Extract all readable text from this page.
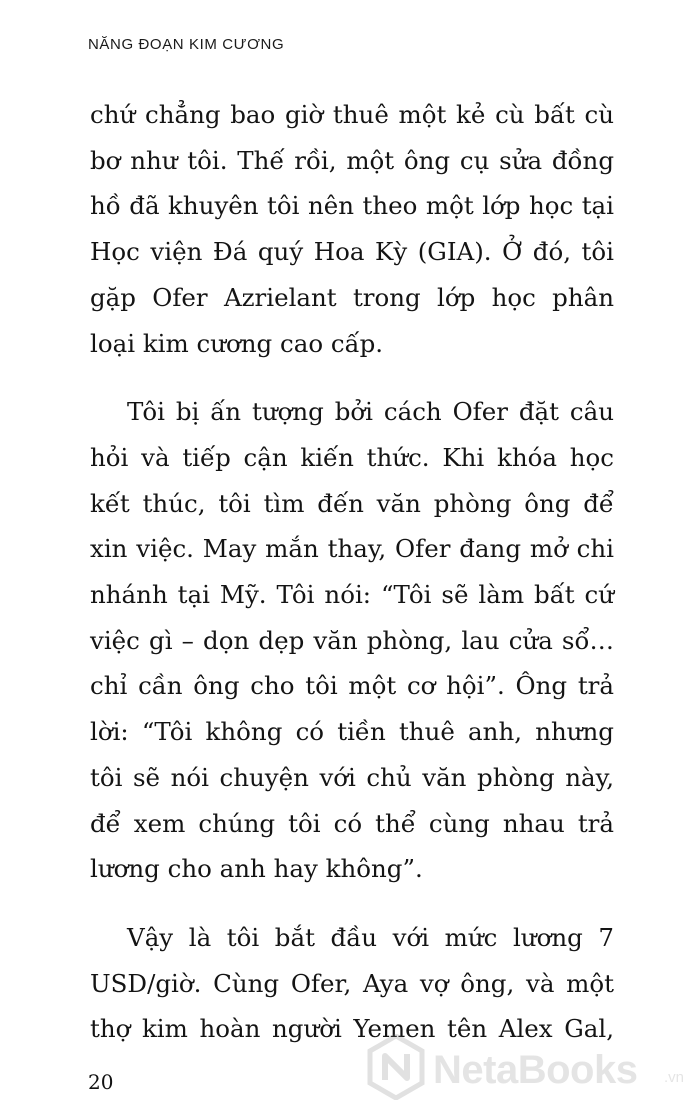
NĂNG ĐOẠN KIM CƯƠNG

chứ chẳng bao giờ thuê một kẻ cù bất cù
bơ như tôi. Thế rồi, một ông cụ sửa đồng
hồ đã khuyên tôi nên theo một lớp học tại
Học viện Đá quý Hoa Kỳ (GIA). Ở đó, tôi
gặp Ofer Azrielant trong lớp học phân
loại kim cương cao cấp.

Tôi bị ấn tượng bởi cách Ofer đặt câu
hỏi và tiếp cận kiến thức. Khi khóa học
kết thúc, tôi tìm đến văn phòng ông để
xin việc. May mắn thay, Ofer đang mở chi
nhánh tại Mỹ. Tôi nói: “Tôi sẽ làm bất cứ
việc gì – dọn dẹp văn phòng, lau cửa sổ…
chỉ cần ông cho tôi một cơ hội”. Ông trả
lời: “Tôi không có tiền thuê anh, nhưng
tôi sẽ nói chuyện với chủ văn phòng này,
để xem chúng tôi có thể cùng nhau trả
lương cho anh hay không”.

Vậy là tôi bắt đầu với mức lương 7
USD/giờ. Cùng Ofer, Aya vợ ông, và một
thợ kim hoàn người Yemen tên Alex Gal,

20	NetaBooks .vn
